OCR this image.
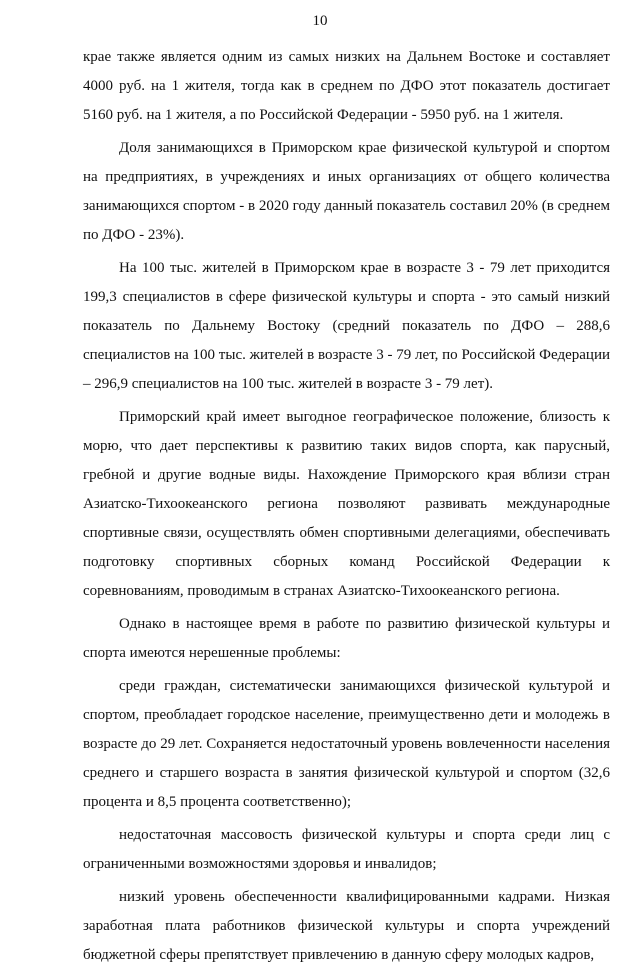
10

крае также является одним из самых низких на Дальнем Востоке и составляет 4000 руб. на 1 жителя, тогда как в среднем по ДФО этот показатель достигает 5160 руб. на 1 жителя, а по Российской Федерации - 5950 руб. на 1 жителя.

Доля занимающихся в Приморском крае физической культурой и спортом на предприятиях, в учреждениях и иных организациях от общего количества занимающихся спортом - в 2020 году данный показатель составил 20% (в среднем по ДФО - 23%).

На 100 тыс. жителей в Приморском крае в возрасте 3 - 79 лет приходится 199,3 специалистов в сфере физической культуры и спорта - это самый низкий показатель по Дальнему Востоку (средний показатель по ДФО – 288,6 специалистов на 100 тыс. жителей в возрасте 3 - 79 лет, по Российской Федерации – 296,9 специалистов на 100 тыс. жителей в возрасте 3 - 79 лет).

Приморский край имеет выгодное географическое положение, близость к морю, что дает перспективы к развитию таких видов спорта, как парусный, гребной и другие водные виды. Нахождение Приморского края вблизи стран Азиатско-Тихоокеанского региона позволяют развивать международные спортивные связи, осуществлять обмен спортивными делегациями, обеспечивать подготовку спортивных сборных команд Российской Федерации к соревнованиям, проводимым в странах Азиатско-Тихоокеанского региона.

Однако в настоящее время в работе по развитию физической культуры и спорта имеются нерешенные проблемы:

среди граждан, систематически занимающихся физической культурой и спортом, преобладает городское население, преимущественно дети и молодежь в возрасте до 29 лет. Сохраняется недостаточный уровень вовлеченности населения среднего и старшего возраста в занятия физической культурой и спортом (32,6 процента и 8,5 процента соответственно);

недостаточная массовость физической культуры и спорта среди лиц с ограниченными возможностями здоровья и инвалидов;

низкий уровень обеспеченности квалифицированными кадрами. Низкая заработная плата работников физической культуры и спорта учреждений бюджетной сферы препятствует привлечению в данную сферу молодых кадров,
